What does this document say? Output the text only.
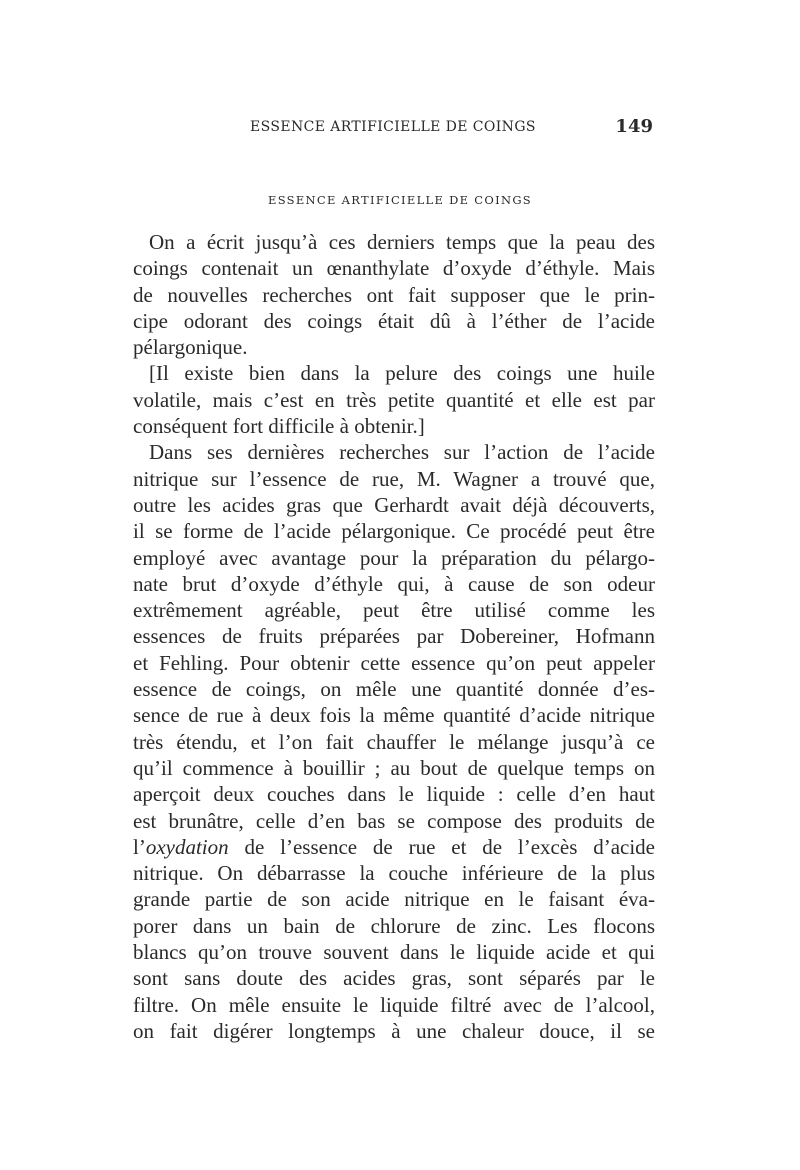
ESSENCE ARTIFICIELLE DE COINGS	149
ESSENCE ARTIFICIELLE DE COINGS
On a écrit jusqu’à ces derniers temps que la peau des
coings contenait un œnanthylate d’oxyde d’éthyle. Mais
de nouvelles recherches ont fait supposer que le prin-
cipe odorant des coings était dû à l’éther de l’acide
pélargonique.
[Il existe bien dans la pelure des coings une huile
volatile, mais c’est en très petite quantité et elle est par
conséquent fort difficile à obtenir.]
Dans ses dernières recherches sur l’action de l’acide
nitrique sur l’essence de rue, M. Wagner a trouvé que,
outre les acides gras que Gerhardt avait déjà découverts,
il se forme de l’acide pélargonique. Ce procédé peut être
employé avec avantage pour la préparation du pélargo-
nate brut d’oxyde d’éthyle qui, à cause de son odeur
extrêmement agréable, peut être utilisé comme les
essences de fruits préparées par Dobereiner, Hofmann
et Fehling. Pour obtenir cette essence qu’on peut appeler
essence de coings, on mêle une quantité donnée d’es-
sence de rue à deux fois la même quantité d’acide nitrique
très étendu, et l’on fait chauffer le mélange jusqu’à ce
qu’il commence à bouillir ; au bout de quelque temps on
aperçoit deux couches dans le liquide : celle d’en haut
est brunâtre, celle d’en bas se compose des produits de
l’oxydation de l’essence de rue et de l’excès d’acide
nitrique. On débarrasse la couche inférieure de la plus
grande partie de son acide nitrique en le faisant éva-
porer dans un bain de chlorure de zinc. Les flocons
blancs qu’on trouve souvent dans le liquide acide et qui
sont sans doute des acides gras, sont séparés par le
filtre. On mêle ensuite le liquide filtré avec de l’alcool,
on fait digérer longtemps à une chaleur douce, il se
